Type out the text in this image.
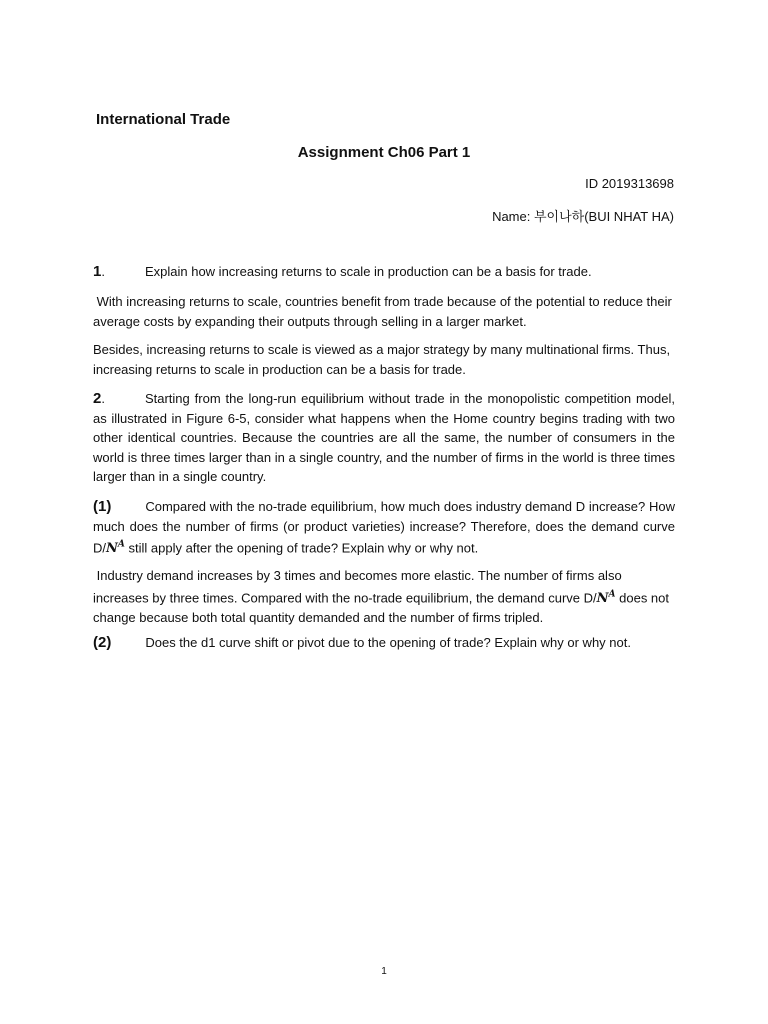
International Trade

Assignment Ch06 Part 1

ID 2019313698

Name: 부이나하(BUI NHAT HA)

1.	Explain how increasing returns to scale in production can be a basis for trade.

With increasing returns to scale, countries benefit from trade because of the potential to reduce their average costs by expanding their outputs through selling in a larger market.

Besides, increasing returns to scale is viewed as a major strategy by many multinational firms. Thus, increasing returns to scale in production can be a basis for trade.

2.	Starting from the long-run equilibrium without trade in the monopolistic competition model, as illustrated in Figure 6-5, consider what happens when the Home country begins trading with two other identical countries. Because the countries are all the same, the number of consumers in the world is three times larger than in a single country, and the number of firms in the world is three times larger than in a single country.

(1)	Compared with the no-trade equilibrium, how much does industry demand D increase? How much does the number of firms (or product varieties) increase? Therefore, does the demand curve $D/N^A$ still apply after the opening of trade? Explain why or why not.

Industry demand increases by 3 times and becomes more elastic. The number of firms also increases by three times. Compared with the no-trade equilibrium, the demand curve $D/N^A$ does not change because both total quantity demanded and the number of firms tripled.

(2)	Does the d1 curve shift or pivot due to the opening of trade? Explain why or why not.

1
